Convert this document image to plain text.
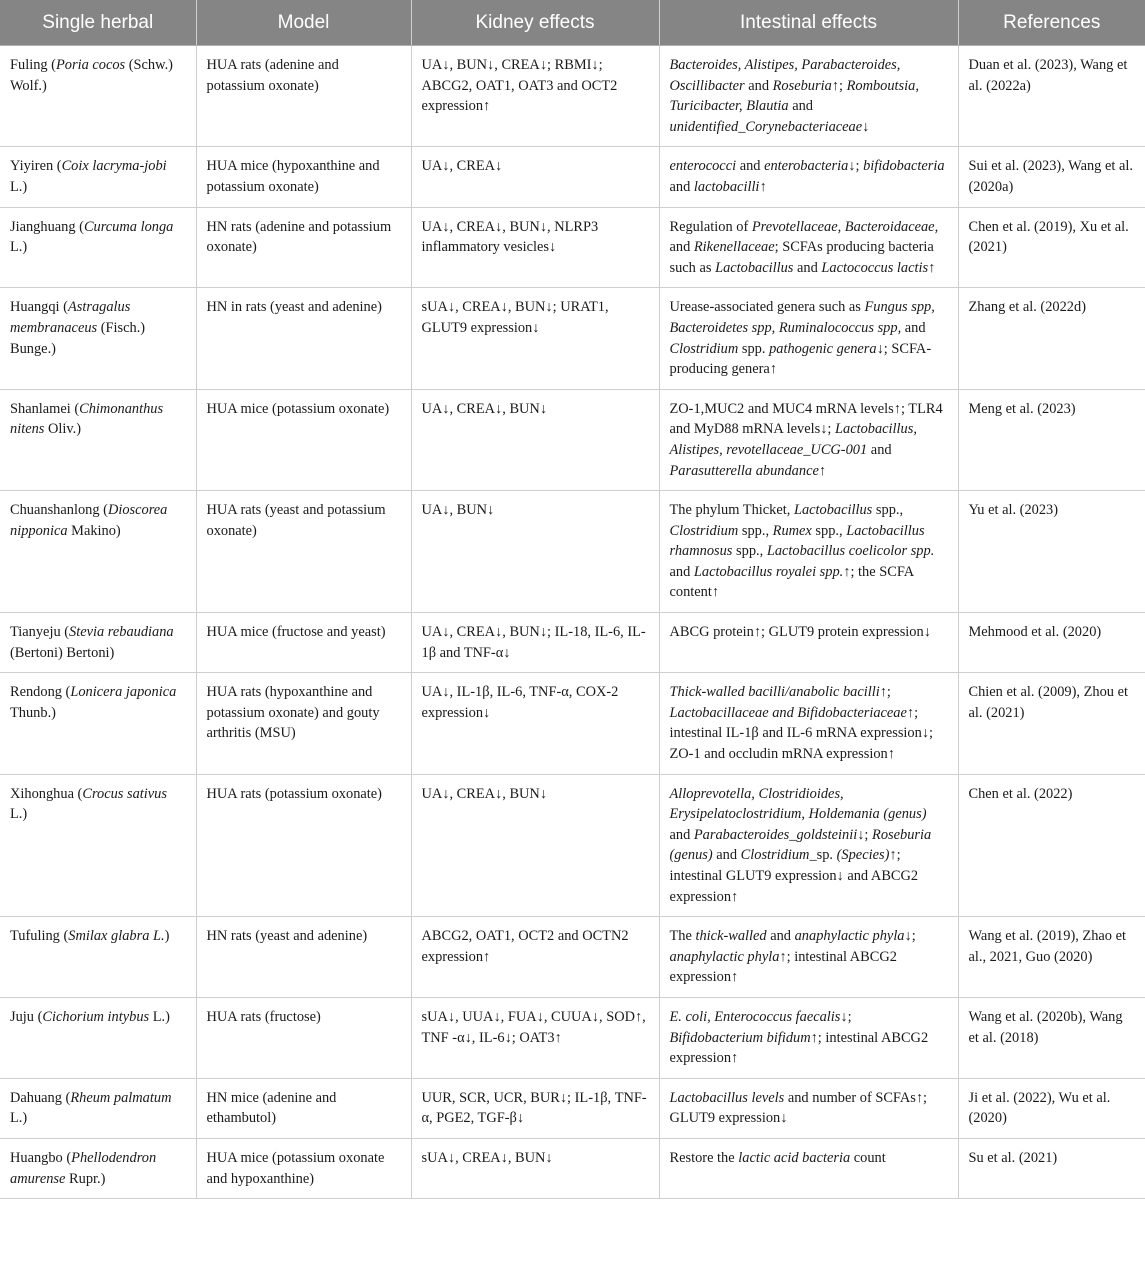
Single herbal	Model	Kidney effects	Intestinal effects	References
Fuling (Poria cocos (Schw.) Wolf.)	HUA rats (adenine and potassium oxonate)	UA↓, BUN↓, CREA↓; RBMI↓; ABCG2, OAT1, OAT3 and OCT2 expression↑	Bacteroides, Alistipes, Parabacteroides, Oscillibacter and Roseburia↑; Romboutsia, Turicibacter, Blautia and unidentified_Corynebacteriaceae↓	Duan et al. (2023), Wang et al. (2022a)
Yiyiren (Coix lacryma-jobi L.)	HUA mice (hypoxanthine and potassium oxonate)	UA↓, CREA↓	enterococci and enterobacteria↓; bifidobacteria and lactobacilli↑	Sui et al. (2023), Wang et al. (2020a)
Jianghuang (Curcuma longa L.)	HN rats (adenine and potassium oxonate)	UA↓, CREA↓, BUN↓, NLRP3 inflammatory vesicles↓	Regulation of Prevotellaceae, Bacteroidaceae, and Rikenellaceae; SCFAs producing bacteria such as Lactobacillus and Lactococcus lactis↑	Chen et al. (2019), Xu et al. (2021)
Huangqi (Astragalus membranaceus (Fisch.) Bunge.)	HN in rats (yeast and adenine)	sUA↓, CREA↓, BUN↓; URAT1, GLUT9 expression↓	Urease-associated genera such as Fungus spp, Bacteroidetes spp, Ruminalococcus spp, and Clostridium spp. pathogenic genera↓; SCFA-producing genera↑	Zhang et al. (2022d)
Shanlamei (Chimonanthus nitens Oliv.)	HUA mice (potassium oxonate)	UA↓, CREA↓, BUN↓	ZO-1,MUC2 and MUC4 mRNA levels↑; TLR4 and MyD88 mRNA levels↓; Lactobacillus, Alistipes, revotellaceae_UCG-001 and Parasutterella abundance↑	Meng et al. (2023)
Chuanshanlong (Dioscorea nipponica Makino)	HUA rats (yeast and potassium oxonate)	UA↓, BUN↓	The phylum Thicket, Lactobacillus spp., Clostridium spp., Rumex spp., Lactobacillus rhamnosus spp., Lactobacillus coelicolor spp. and Lactobacillus royalei spp.↑; the SCFA content↑	Yu et al. (2023)
Tianyeju (Stevia rebaudiana (Bertoni) Bertoni)	HUA mice (fructose and yeast)	UA↓, CREA↓, BUN↓; IL-18, IL-6, IL-1β and TNF-α↓	ABCG protein↑; GLUT9 protein expression↓	Mehmood et al. (2020)
Rendong (Lonicera japonica Thunb.)	HUA rats (hypoxanthine and potassium oxonate) and gouty arthritis (MSU)	UA↓, IL-1β, IL-6, TNF-α, COX-2 expression↓	Thick-walled bacilli/anabolic bacilli↑; Lactobacillaceae and Bifidobacteriaceae↑; intestinal IL-1β and IL-6 mRNA expression↓; ZO-1 and occludin mRNA expression↑	Chien et al. (2009), Zhou et al. (2021)
Xihonghua (Crocus sativus L.)	HUA rats (potassium oxonate)	UA↓, CREA↓, BUN↓	Alloprevotella, Clostridioides, Erysipelatoclostridium, Holdemania (genus) and Parabacteroides_goldsteinii↓; Roseburia (genus) and Clostridium_sp. (Species)↑; intestinal GLUT9 expression↓ and ABCG2 expression↑	Chen et al. (2022)
Tufuling (Smilax glabra L.)	HN rats (yeast and adenine)	ABCG2, OAT1, OCT2 and OCTN2 expression↑	The thick-walled and anaphylactic phyla↓; anaphylactic phyla↑; intestinal ABCG2 expression↑	Wang et al. (2019), Zhao et al., 2021, Guo (2020)
Juju (Cichorium intybus L.)	HUA rats (fructose)	sUA↓, UUA↓, FUA↓, CUUA↓, SOD↑, TNF -α↓, IL-6↓; OAT3↑	E. coli, Enterococcus faecalis↓; Bifidobacterium bifidum↑; intestinal ABCG2 expression↑	Wang et al. (2020b), Wang et al. (2018)
Dahuang (Rheum palmatum L.)	HN mice (adenine and ethambutol)	UUR, SCR, UCR, BUR↓; IL-1β, TNF-α, PGE2, TGF-β↓	Lactobacillus levels and number of SCFAs↑; GLUT9 expression↓	Ji et al. (2022), Wu et al. (2020)
Huangbo (Phellodendron amurense Rupr.)	HUA mice (potassium oxonate and hypoxanthine)	sUA↓, CREA↓, BUN↓	Restore the lactic acid bacteria count	Su et al. (2021)
